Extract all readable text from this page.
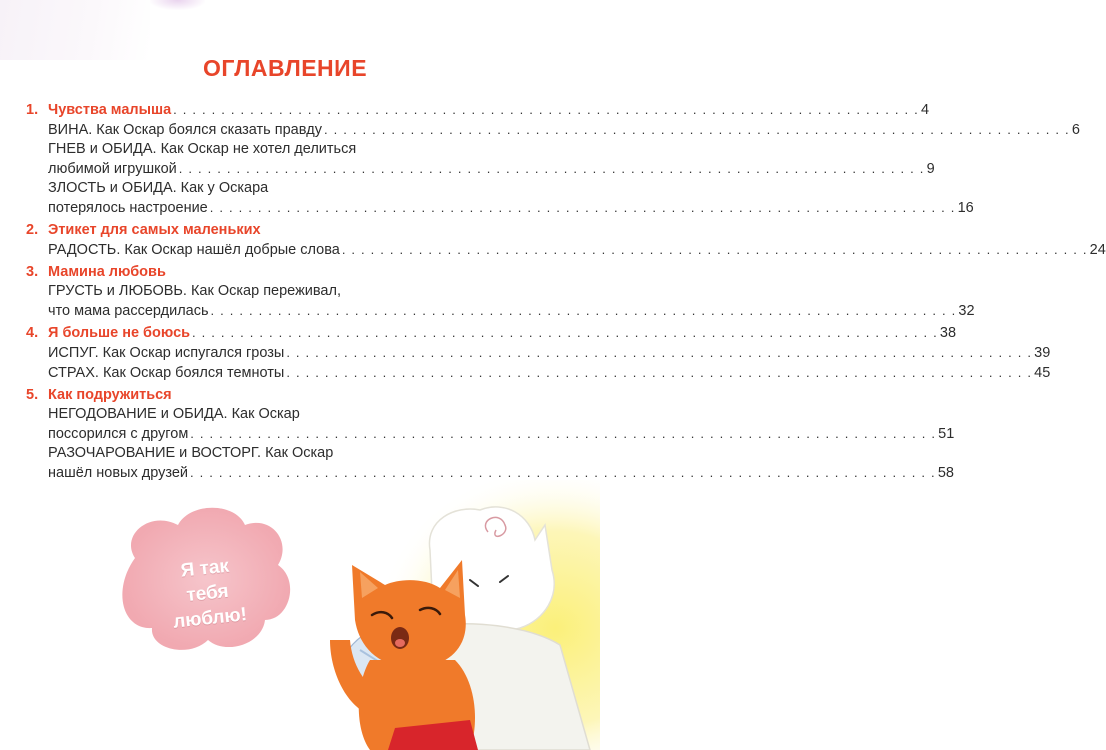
ОГЛАВЛЕНИЕ
1. Чувства малыша . . . . . . . . . . . . . . . . . . . . . . . . . . . . . . . . . . . . . . . . . . . . . . . . . . . . . . . . . . . . . . . . . . . . . . . . . . . . . . 4
ВИНА. Как Оскар боялся сказать правду . . . . . . . . . . . . . . . . . . . . . . . . . . . . . . . . . . . . . . . . . . . . . . . . . . . . . . . . . . . . . . . . . . . . . . . . . . . . . . 6
ГНЕВ и ОБИДА. Как Оскар не хотел делиться
любимой игрушкой . . . . . . . . . . . . . . . . . . . . . . . . . . . . . . . . . . . . . . . . . . . . . . . . . . . . . . . . . . . . . . . . . . . . . . . . . . . . . . 9
ЗЛОСТЬ и ОБИДА. Как у Оскара
потерялось настроение . . . . . . . . . . . . . . . . . . . . . . . . . . . . . . . . . . . . . . . . . . . . . . . . . . . . . . . . . . . . . . . . . . . . . . . . . . . . . . 16
2. Этикет для самых маленьких
РАДОСТЬ. Как Оскар нашёл добрые слова . . . . . . . . . . . . . . . . . . . . . . . . . . . . . . . . . . . . . . . . . . . . . . . . . . . . . . . . . . . . . . . . . . . . . . . . . . . . . . 24
3. Мамина любовь
ГРУСТЬ и ЛЮБОВЬ. Как Оскар переживал,
что мама рассердилась . . . . . . . . . . . . . . . . . . . . . . . . . . . . . . . . . . . . . . . . . . . . . . . . . . . . . . . . . . . . . . . . . . . . . . . . . . . . . . 32
4. Я больше не боюсь . . . . . . . . . . . . . . . . . . . . . . . . . . . . . . . . . . . . . . . . . . . . . . . . . . . . . . . . . . . . . . . . . . . . . . . . . . . . . . 38
ИСПУГ. Как Оскар испугался грозы . . . . . . . . . . . . . . . . . . . . . . . . . . . . . . . . . . . . . . . . . . . . . . . . . . . . . . . . . . . . . . . . . . . . . . . . . . . . . . 39
СТРАХ. Как Оскар боялся темноты . . . . . . . . . . . . . . . . . . . . . . . . . . . . . . . . . . . . . . . . . . . . . . . . . . . . . . . . . . . . . . . . . . . . . . . . . . . . . . 45
5. Как подружиться
НЕГОДОВАНИЕ и ОБИДА. Как Оскар
поссорился с другом . . . . . . . . . . . . . . . . . . . . . . . . . . . . . . . . . . . . . . . . . . . . . . . . . . . . . . . . . . . . . . . . . . . . . . . . . . . . . . 51
РАЗОЧАРОВАНИЕ и ВОСТОРГ. Как Оскар
нашёл новых друзей . . . . . . . . . . . . . . . . . . . . . . . . . . . . . . . . . . . . . . . . . . . . . . . . . . . . . . . . . . . . . . . . . . . . . . . . . . . . . . 58
Я так
тебя
люблю!
